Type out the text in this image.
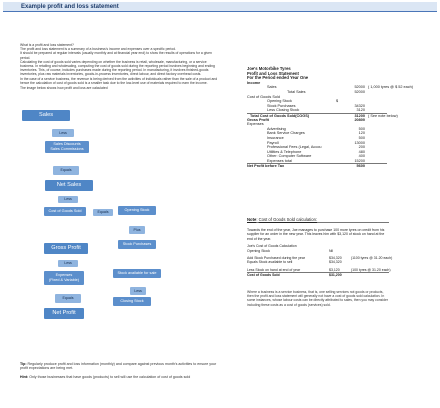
Example profit and loss statement

What is a profit and loss statement?

The profit and loss statement is a summary of a business's income and expenses over a specific period.

It should be prepared at regular intervals (usually monthly and at financial year end) to show the results of operations for a given period.

Calculating the cost of goods sold varies depending on whether the business is retail, wholesale, manufacturing, or a service business. In retailing and wholesaling, computing the cost of goods sold during the reporting period involves beginning and ending inventories. This, of course, includes purchases made during the reporting period. In manufacturing, it involves finished-goods inventories, plus raw materials inventories, goods-in-process inventories, direct labour, and direct factory overhead costs.

In the case of a service business, the revenue is being derived from the activities of individuals rather than the sale of a product and hence the calculation of cost of goods sold is a smaller task due to the low-level use of materials required to earn the income.

The image below shows how profit and loss are calculated

Sales
Less
Sales Discounts
Sales Commissions
Equals
Net Sales
Less
Cost of Goods Sold	Equals	Opening Stock
Plus
Stock Purchases
Gross Profit
Less
Stock available for sale
Expenses
(Fixed & Variable)
Less
Equals
Closing Stock
Net Profit
Joe's Motorbike Tyres
Profit and Loss Statement
For the Period ended Year One
Income
Sales	52000 ( 1,000 tyres @ $ 52 each)
Total Sales	52000
Cost of Goods Sold
Opening Stock	$
Stock Purchases	34320
Less Closing Stock	3120
Total Cost of Goods Sold(COGS)	31200 ( See note below)
Gross Profit	20800
Expenses
Advertising	500
Bank Service Charges	120
Insurance	500
Payroll	13000
Professional Fees (Legal, Accou	200
Utilities & Telephone	480
Other: Computer Software	400
Expenses total	15200
Net Profit before Tax	5600
Note: Cost of Goods Sold calculation:

Towards the end of the year, Joe manages to purchase 100 more tyres on credit from his supplier for an order in the new year. This leaves him with $3,120 of stock on hand at the end of the year.

Joe's Cost of Goods Calculation
Opening Stock	Nil
Add Stock Purchased during the year	$34,320	(1100 tyres @ 31.20 each)
Equals Stock available to sell	$34,320
Less Stock on hand at end of year	$3,120	(100 tyres @ 31.20 each)
Cost of Goods Sold	$31,200
Where a business is a service business, that is, one selling services not goods or products, then the profit and loss statement will generally not have a cost of goods sold calculation. In some instances, whose labour costs can be directly attributed to sales, then you may consider including these costs as a cost of goods (services) sold.

Tip: Regularly produce profit and loss information (monthly) and compare against previous month's activities to ensure your profit expectations are being met.

Hint: Only those businesses that have goods (products) to sell will use the calculation of cost of goods sold
